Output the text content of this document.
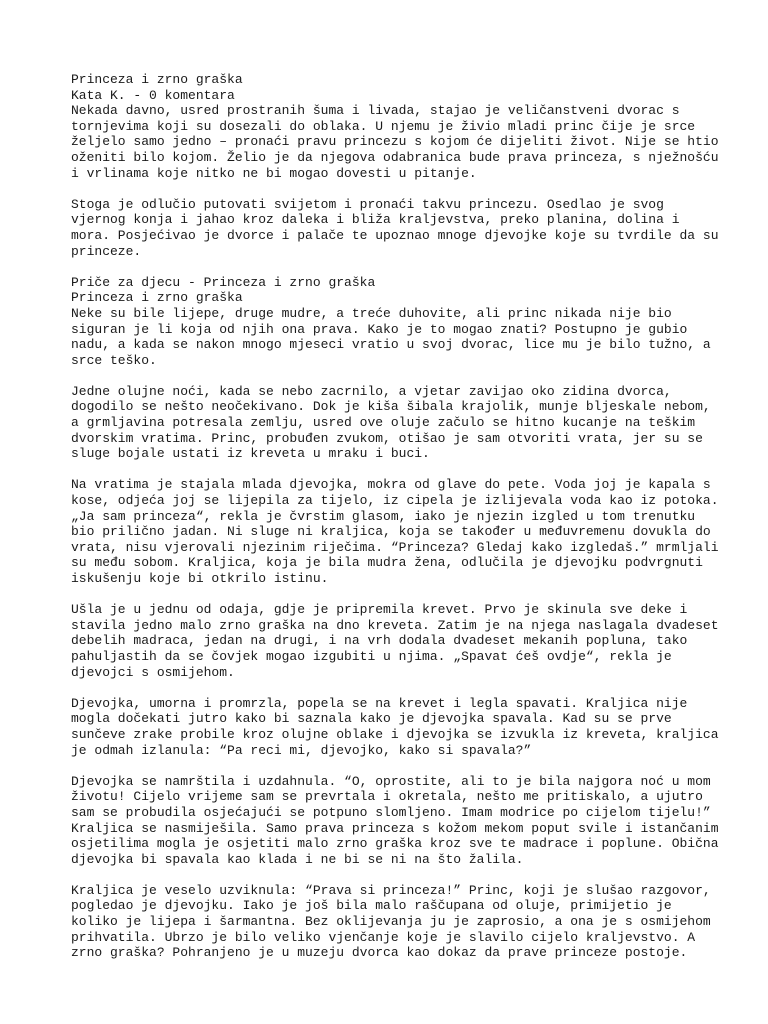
Princeza i zrno graška
Kata K. - 0 komentara
Nekada davno, usred prostranih šuma i livada, stajao je veličanstveni dvorac s
tornjevima koji su dosezali do oblaka. U njemu je živio mladi princ čije je srce
željelo samo jedno – pronaći pravu princezu s kojom će dijeliti život. Nije se htio
oženiti bilo kojom. Želio je da njegova odabranica bude prava princeza, s nježnošću
i vrlinama koje nitko ne bi mogao dovesti u pitanje.
Stoga je odlučio putovati svijetom i pronaći takvu princezu. Osedlao je svog
vjernog konja i jahao kroz daleka i bliža kraljevstva, preko planina, dolina i
mora. Posjećivao je dvorce i palače te upoznao mnoge djevojke koje su tvrdile da su
princeze.
Priče za djecu - Princeza i zrno graška
Princeza i zrno graška
Neke su bile lijepe, druge mudre, a treće duhovite, ali princ nikada nije bio
siguran je li koja od njih ona prava. Kako je to mogao znati? Postupno je gubio
nadu, a kada se nakon mnogo mjeseci vratio u svoj dvorac, lice mu je bilo tužno, a
srce teško.
Jedne olujne noći, kada se nebo zacrnilo, a vjetar zavijao oko zidina dvorca,
dogodilo se nešto neočekivano. Dok je kiša šibala krajolik, munje bljeskale nebom,
a grmljavina potresala zemlju, usred ove oluje začulo se hitno kucanje na teškim
dvorskim vratima. Princ, probuđen zvukom, otišao je sam otvoriti vrata, jer su se
sluge bojale ustati iz kreveta u mraku i buci.
Na vratima je stajala mlada djevojka, mokra od glave do pete. Voda joj je kapala s
kose, odjeća joj se lijepila za tijelo, iz cipela je izlijevala voda kao iz potoka.
„Ja sam princeza“, rekla je čvrstim glasom, iako je njezin izgled u tom trenutku
bio prilično jadan. Ni sluge ni kraljica, koja se također u međuvremenu dovukla do
vrata, nisu vjerovali njezinim riječima. “Princeza? Gledaj kako izgledaš.” mrmljali
su među sobom. Kraljica, koja je bila mudra žena, odlučila je djevojku podvrgnuti
iskušenju koje bi otkrilo istinu.
Ušla je u jednu od odaja, gdje je pripremila krevet. Prvo je skinula sve deke i
stavila jedno malo zrno graška na dno kreveta. Zatim je na njega naslagala dvadeset
debelih madraca, jedan na drugi, i na vrh dodala dvadeset mekanih popluna, tako
pahuljastih da se čovjek mogao izgubiti u njima. „Spavat ćeš ovdje“, rekla je
djevojci s osmijehom.
Djevojka, umorna i promrzla, popela se na krevet i legla spavati. Kraljica nije
mogla dočekati jutro kako bi saznala kako je djevojka spavala. Kad su se prve
sunčeve zrake probile kroz olujne oblake i djevojka se izvukla iz kreveta, kraljica
je odmah izlanula: “Pa reci mi, djevojko, kako si spavala?”
Djevojka se namrštila i uzdahnula. “O, oprostite, ali to je bila najgora noć u mom
životu! Cijelo vrijeme sam se prevrtala i okretala, nešto me pritiskalo, a ujutro
sam se probudila osjećajući se potpuno slomljeno. Imam modrice po cijelom tijelu!”
Kraljica se nasmiješila. Samo prava princeza s kožom mekom poput svile i istančanim
osjetilima mogla je osjetiti malo zrno graška kroz sve te madrace i poplune. Obična
djevojka bi spavala kao klada i ne bi se ni na što žalila.
Kraljica je veselo uzviknula: “Prava si princeza!” Princ, koji je slušao razgovor,
pogledao je djevojku. Iako je još bila malo raščupana od oluje, primijetio je
koliko je lijepa i šarmantna. Bez oklijevanja ju je zaprosio, a ona je s osmijehom
prihvatila. Ubrzo je bilo veliko vjenčanje koje je slavilo cijelo kraljevstvo. A
zrno graška? Pohranjeno je u muzeju dvorca kao dokaz da prave princeze postoje.
